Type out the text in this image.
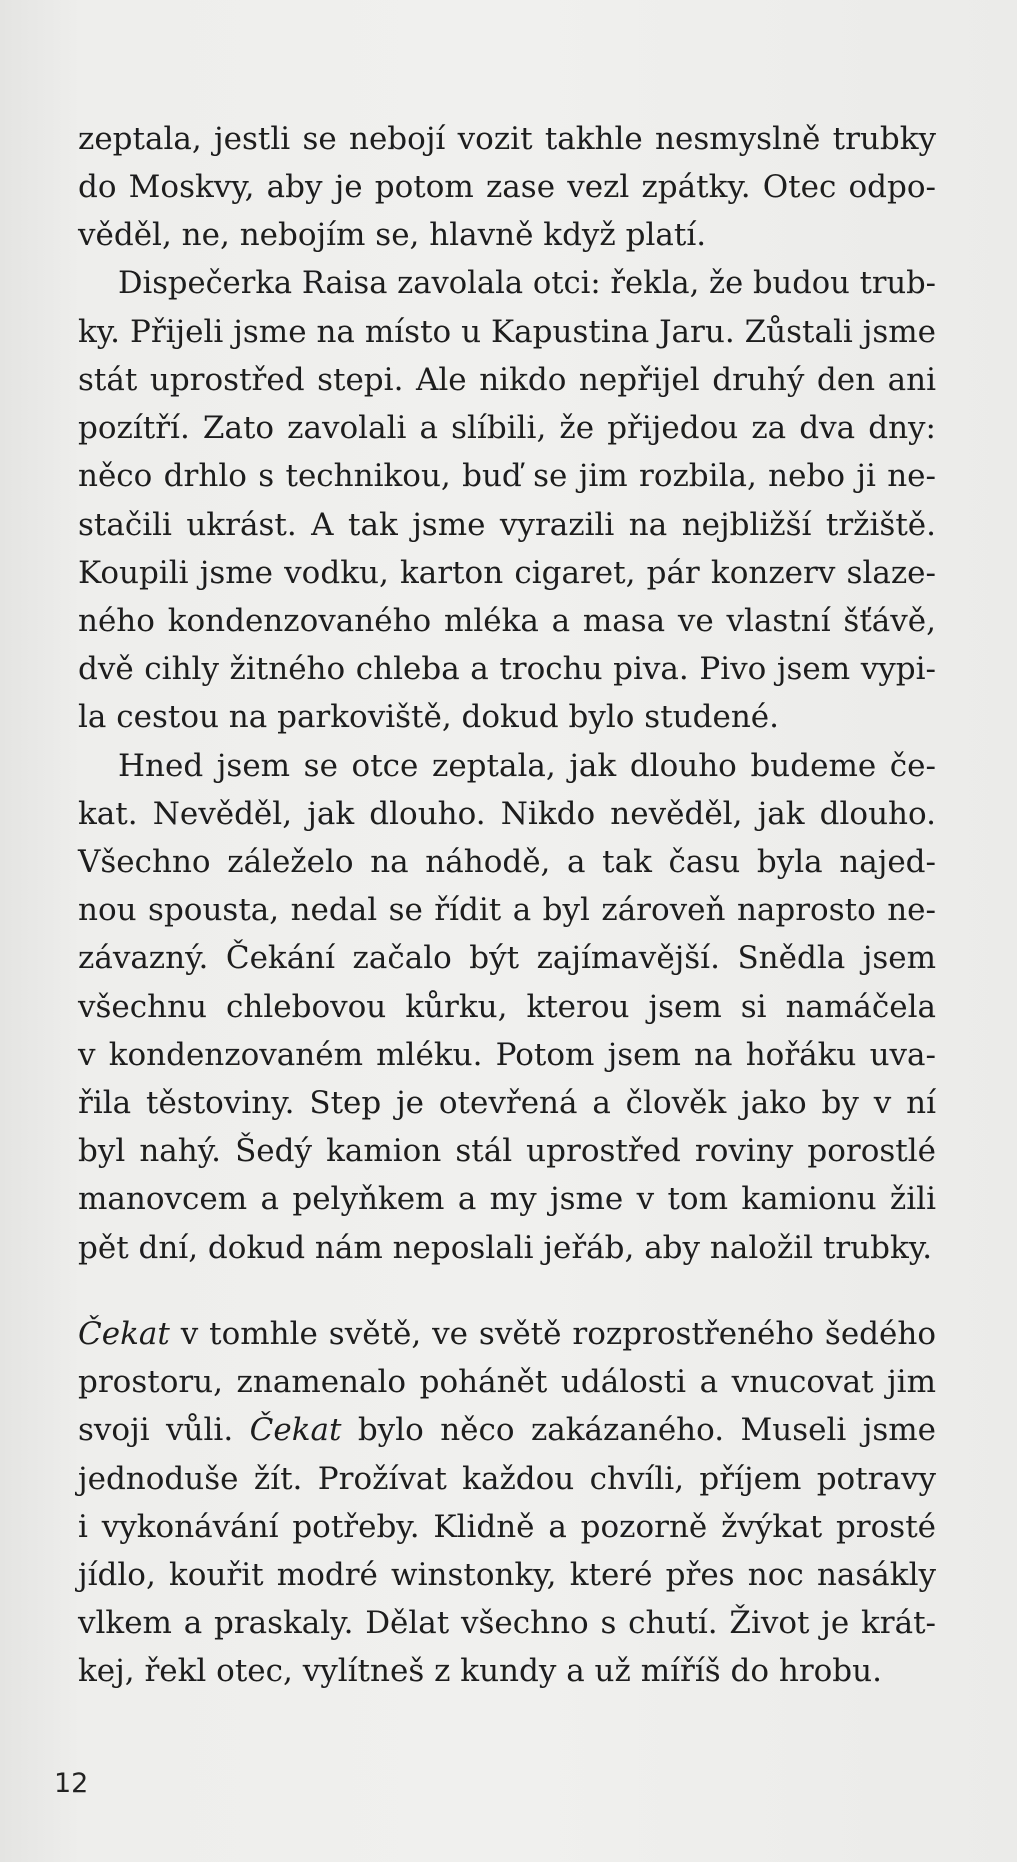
zeptala, jestli se nebojí vozit takhle nesmyslně trubky
do Moskvy, aby je potom zase vezl zpátky. Otec odpo-
věděl, ne, nebojím se, hlavně když platí.
Dispečerka Raisa zavolala otci: řekla, že budou trub-
ky. Přijeli jsme na místo u Kapustina Jaru. Zůstali jsme
stát uprostřed stepi. Ale nikdo nepřijel druhý den ani
pozítří. Zato zavolali a slíbili, že přijedou za dva dny:
něco drhlo s technikou, buď se jim rozbila, nebo ji ne-
stačili ukrást. A tak jsme vyrazili na nejbližší tržiště.
Koupili jsme vodku, karton cigaret, pár konzerv slaze-
ného kondenzovaného mléka a masa ve vlastní šťávě,
dvě cihly žitného chleba a trochu piva. Pivo jsem vypi-
la cestou na parkoviště, dokud bylo studené.
Hned jsem se otce zeptala, jak dlouho budeme če-
kat. Nevěděl, jak dlouho. Nikdo nevěděl, jak dlouho.
Všechno záleželo na náhodě, a tak času byla najed-
nou spousta, nedal se řídit a byl zároveň naprosto ne-
závazný. Čekání začalo být zajímavější. Snědla jsem
všechnu chlebovou kůrku, kterou jsem si namáčela
v kondenzovaném mléku. Potom jsem na hořáku uva-
řila těstoviny. Step je otevřená a člověk jako by v ní
byl nahý. Šedý kamion stál uprostřed roviny porostlé
manovcem a pelyňkem a my jsme v tom kamionu žili
pět dní, dokud nám neposlali jeřáb, aby naložil trubky.
Čekat v tomhle světě, ve světě rozprostřeného šedého
prostoru, znamenalo pohánět události a vnucovat jim
svoji vůli. Čekat bylo něco zakázaného. Museli jsme
jednoduše žít. Prožívat každou chvíli, příjem potravy
i vykonávání potřeby. Klidně a pozorně žvýkat prosté
jídlo, kouřit modré winstonky, které přes noc nasákly
vlkem a praskaly. Dělat všechno s chutí. Život je krát-
kej, řekl otec, vylítneš z kundy a už míříš do hrobu.
12
